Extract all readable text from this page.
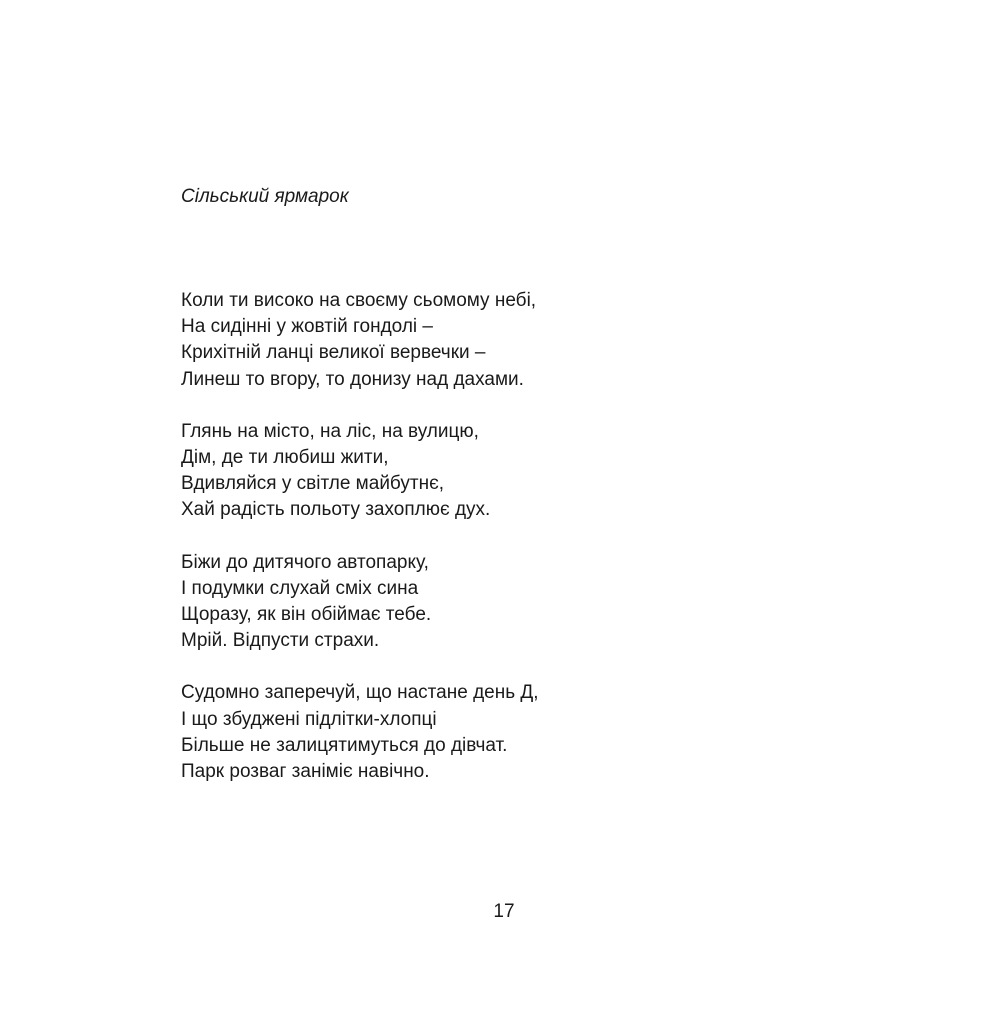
Сільський ярмарок
Коли ти високо на своєму сьомому небі,
На сидінні у жовтій гондолі –
Крихітній ланці великої вервечки –
Линеш то вгору, то донизу над дахами.
Глянь на місто, на ліс, на вулицю,
Дім, де ти любиш жити,
Вдивляйся у світле майбутнє,
Хай радість польоту захоплює дух.
Біжи до дитячого автопарку,
І подумки слухай сміх сина
Щоразу, як він обіймає тебе.
Мрій. Відпусти страхи.
Судомно заперечуй, що настане день Д,
І що збуджені підлітки-хлопці
Більше не залицятимуться до дівчат.
Парк розваг заніміє навічно.
17
